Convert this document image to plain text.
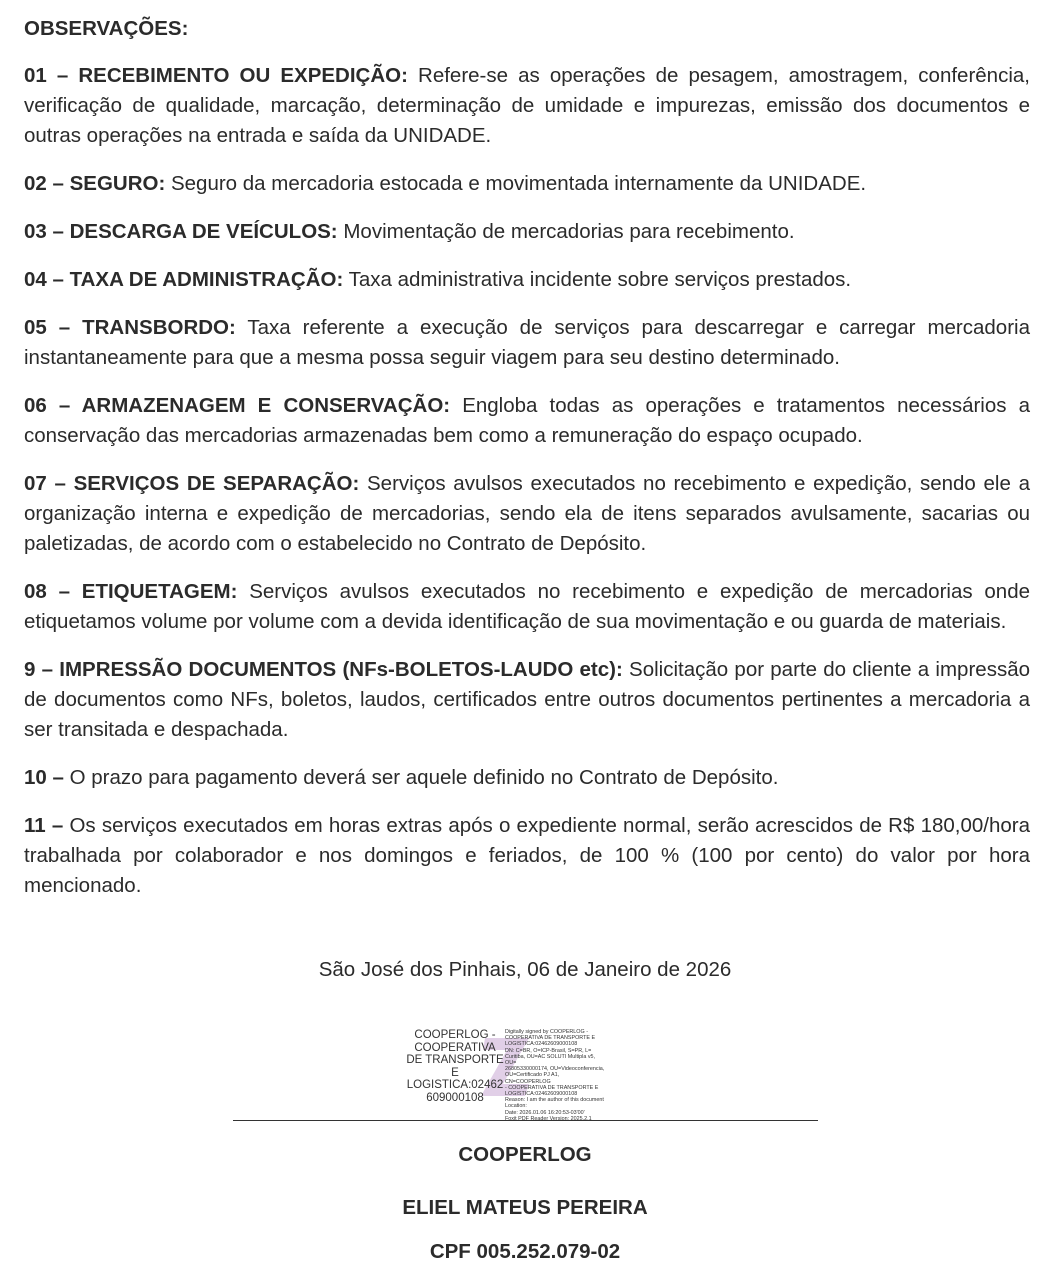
OBSERVAÇÕES:

01 – RECEBIMENTO OU EXPEDIÇÃO: Refere-se as operações de pesagem, amostragem, conferência, verificação de qualidade, marcação, determinação de umidade e impurezas, emissão dos documentos e outras operações na entrada e saída da UNIDADE.

02 – SEGURO: Seguro da mercadoria estocada e movimentada internamente da UNIDADE.

03 – DESCARGA DE VEÍCULOS: Movimentação de mercadorias para recebimento.

04 – TAXA DE ADMINISTRAÇÃO: Taxa administrativa incidente sobre serviços prestados.

05 – TRANSBORDO: Taxa referente a execução de serviços para descarregar e carregar mercadoria instantaneamente para que a mesma possa seguir viagem para seu destino determinado.

06 – ARMAZENAGEM E CONSERVAÇÃO: Engloba todas as operações e tratamentos necessários a conservação das mercadorias armazenadas bem como a remuneração do espaço ocupado.

07 – SERVIÇOS DE SEPARAÇÃO: Serviços avulsos executados no recebimento e expedição, sendo ele a organização interna e expedição de mercadorias, sendo ela de itens separados avulsamente, sacarias ou paletizadas, de acordo com o estabelecido no Contrato de Depósito.

08 – ETIQUETAGEM: Serviços avulsos executados no recebimento e expedição de mercadorias onde etiquetamos volume por volume com a devida identificação de sua movimentação e ou guarda de materiais.

9 – IMPRESSÃO DOCUMENTOS (NFs-BOLETOS-LAUDO etc): Solicitação por parte do cliente a impressão de documentos como NFs, boletos, laudos, certificados entre outros documentos pertinentes a mercadoria a ser transitada e despachada.

10 – O prazo para pagamento deverá ser aquele definido no Contrato de Depósito.

11 – Os serviços executados em horas extras após o expediente normal, serão acrescidos de R$ 180,00/hora trabalhada por colaborador e nos domingos e feriados, de 100 % (100 por cento) do valor por hora mencionado.

São José dos Pinhais, 06 de Janeiro de 2026
COOPERLOG -
COOPERATIVA
DE TRANSPORTE
E
LOGISTICA:02462
609000108
Digitally signed by COOPERLOG -
COOPERATIVA DE TRANSPORTE E
LOGISTICA:02462609000108
DN: C=BR, O=ICP-Brasil, S=PR, L=
Curitiba, OU=AC SOLUTI Multipla v5, OU=
26805330000174, OU=Videoconferencia,
OU=Certificado PJ A1, CN=COOPERLOG
- COOPERATIVA DE TRANSPORTE E
LOGISTICA:02462609000108
Reason: I am the author of this document
Location:
Date: 2026.01.06 16:20:53-03'00'
Foxit PDF Reader Version: 2025.2.1
COOPERLOG
ELIEL MATEUS PEREIRA
CPF 005.252.079-02
